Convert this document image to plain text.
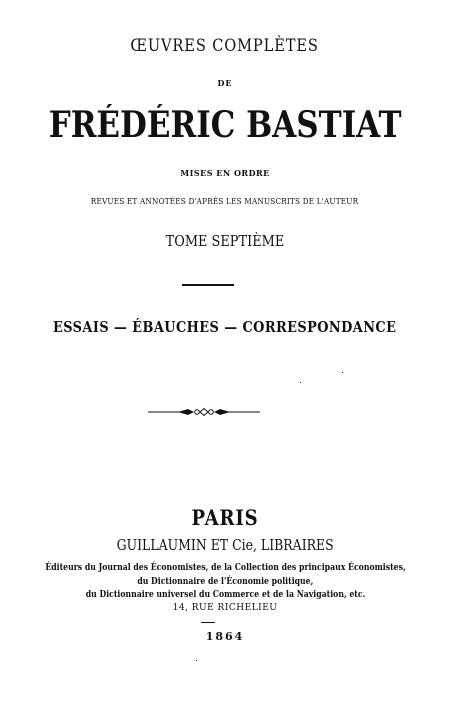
ŒUVRES COMPLÈTES
DE
FRÉDÉRIC BASTIAT
MISES EN ORDRE
REVUES ET ANNOTÉES D'APRÈS LES MANUSCRITS DE L'AUTEUR
TOME SEPTIÈME
ESSAIS — ÉBAUCHES — CORRESPONDANCE
PARIS
GUILLAUMIN ET Cie, LIBRAIRES
Éditeurs du Journal des Économistes, de la Collection des principaux Économistes,
du Dictionnaire de l'Économie politique,
du Dictionnaire universel du Commerce et de la Navigation, etc.
14, RUE RICHELIEU
1864
